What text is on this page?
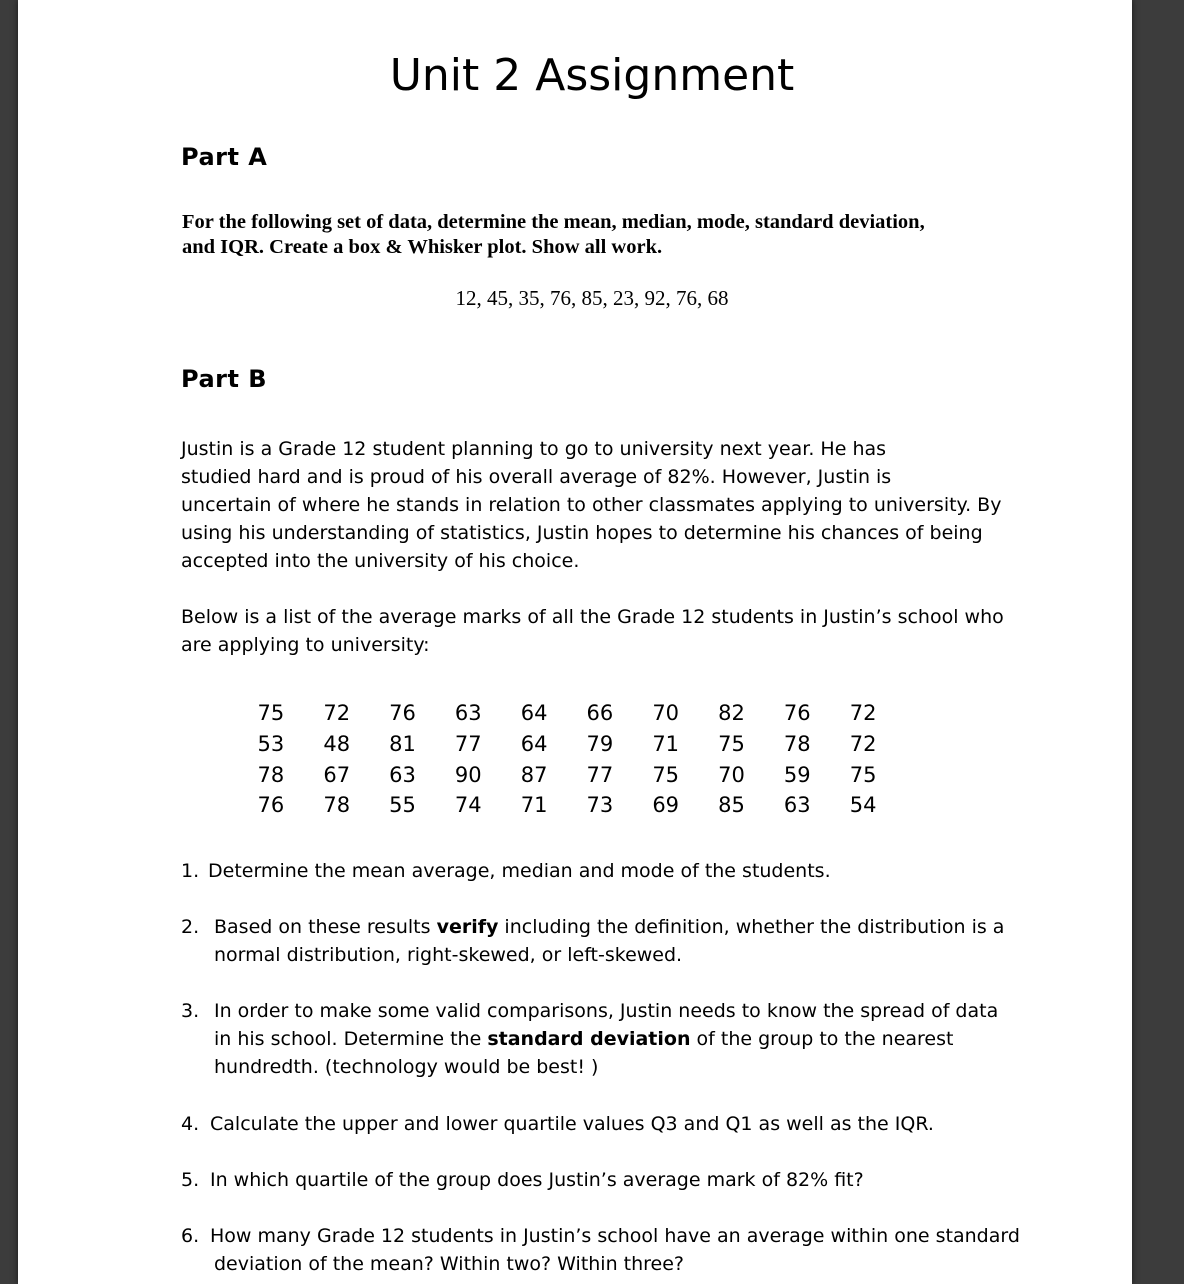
Unit 2 Assignment
Part A
For the following set of data, determine the mean, median, mode, standard deviation,
and IQR. Create a box & Whisker plot. Show all work.
12, 45, 35, 76, 85, 23, 92, 76, 68
Part B
Justin is a Grade 12 student planning to go to university next year. He has
studied hard and is proud of his overall average of 82%. However, Justin is
uncertain of where he stands in relation to other classmates applying to university. By
using his understanding of statistics, Justin hopes to determine his chances of being
accepted into the university of his choice.
Below is a list of the average marks of all the Grade 12 students in Justin’s school who
are applying to university:
75	72	76	63	64	66	70	82	76	72
53	48	81	77	64	79	71	75	78	72
78	67	63	90	87	77	75	70	59	75
76	78	55	74	71	73	69	85	63	54
1. Determine the mean average, median and mode of the students.
2. Based on these results verify including the definition, whether the distribution is a
normal distribution, right-skewed, or left-skewed.
3. In order to make some valid comparisons, Justin needs to know the spread of data
in his school. Determine the standard deviation of the group to the nearest
hundredth. (technology would be best! )
4. Calculate the upper and lower quartile values Q3 and Q1 as well as the IQR.
5. In which quartile of the group does Justin’s average mark of 82% fit?
6. How many Grade 12 students in Justin’s school have an average within one standard
deviation of the mean? Within two? Within three?
